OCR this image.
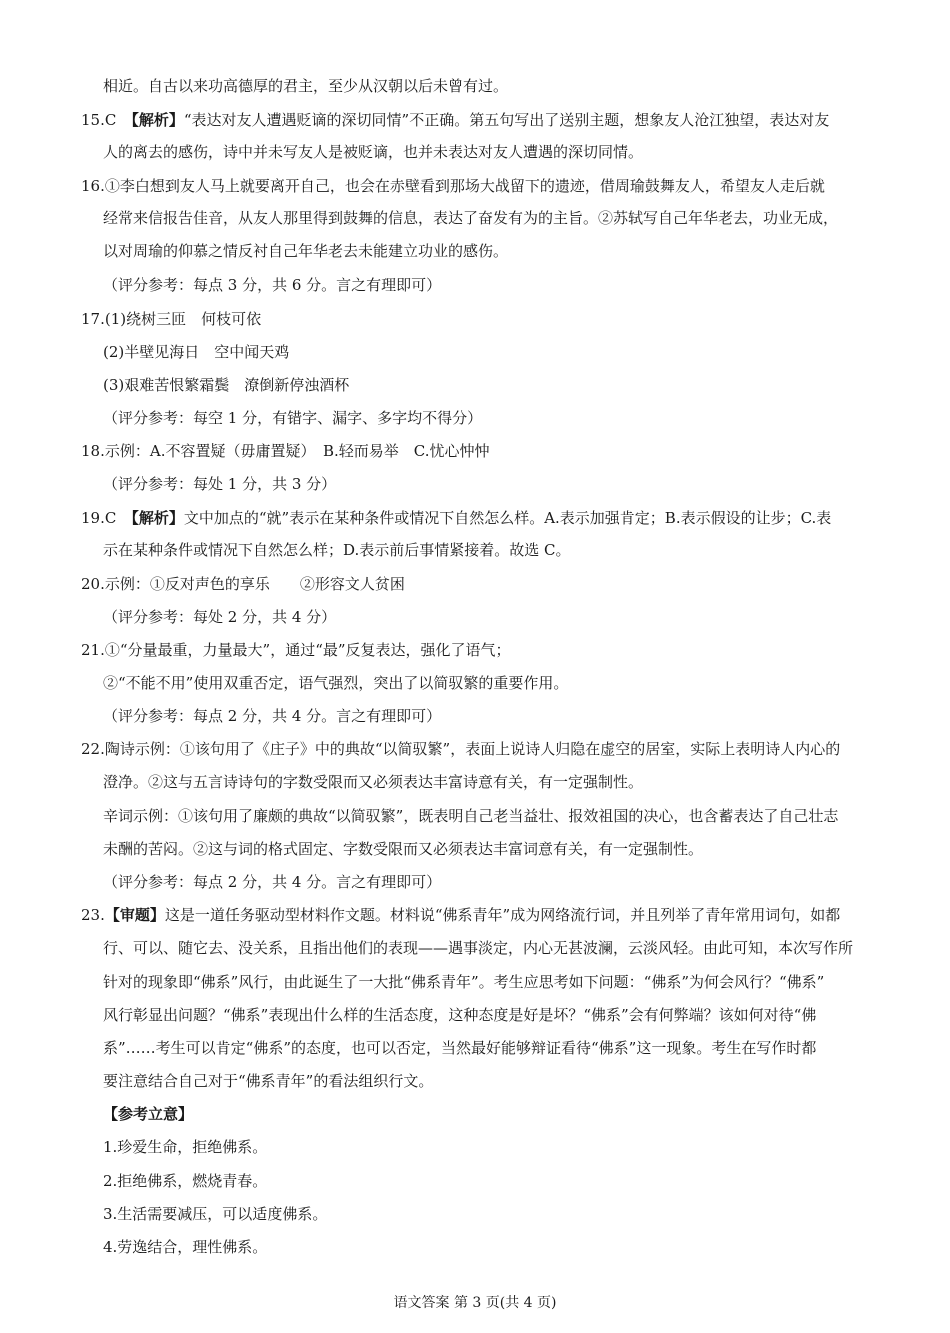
相近。自古以来功高德厚的君主，至少从汉朝以后未曾有过。
15.C　【解析】“表达对友人遭遇贬谪的深切同情”不正确。第五句写出了送别主题，想象友人沧江独望，表达对友
人的离去的感伤，诗中并未写友人是被贬谪，也并未表达对友人遭遇的深切同情。
16.①李白想到友人马上就要离开自己，也会在赤壁看到那场大战留下的遗迹，借周瑜鼓舞友人，希望友人走后就
经常来信报告佳音，从友人那里得到鼓舞的信息，表达了奋发有为的主旨。②苏轼写自己年华老去，功业无成，
以对周瑜的仰慕之情反衬自己年华老去未能建立功业的感伤。
（评分参考：每点 3 分，共 6 分。言之有理即可）
17.(1)绕树三匝　何枝可依
(2)半壁见海日　空中闻天鸡
(3)艰难苦恨繁霜鬓　潦倒新停浊酒杯
（评分参考：每空 1 分，有错字、漏字、多字均不得分）
18.示例：A.不容置疑（毋庸置疑）　B.轻而易举　C.忧心忡忡
（评分参考：每处 1 分，共 3 分）
19.C　【解析】文中加点的“就”表示在某种条件或情况下自然怎么样。A.表示加强肯定；B.表示假设的让步；C.表
示在某种条件或情况下自然怎么样；D.表示前后事情紧接着。故选 C。
20.示例：①反对声色的享乐　　②形容文人贫困
（评分参考：每处 2 分，共 4 分）
21.①“分量最重，力量最大”，通过“最”反复表达，强化了语气；
②“不能不用”使用双重否定，语气强烈，突出了以简驭繁的重要作用。
（评分参考：每点 2 分，共 4 分。言之有理即可）
22.陶诗示例：①该句用了《庄子》中的典故“以简驭繁”，表面上说诗人归隐在虚空的居室，实际上表明诗人内心的
澄净。②这与五言诗诗句的字数受限而又必须表达丰富诗意有关，有一定强制性。
辛词示例：①该句用了廉颇的典故“以简驭繁”，既表明自己老当益壮、报效祖国的决心，也含蓄表达了自己壮志
未酬的苦闷。②这与词的格式固定、字数受限而又必须表达丰富词意有关，有一定强制性。
（评分参考：每点 2 分，共 4 分。言之有理即可）
23.【审题】这是一道任务驱动型材料作文题。材料说“佛系青年”成为网络流行词，并且列举了青年常用词句，如都
行、可以、随它去、没关系，且指出他们的表现——遇事淡定，内心无甚波澜，云淡风轻。由此可知，本次写作所
针对的现象即“佛系”风行，由此诞生了一大批“佛系青年”。考生应思考如下问题：“佛系”为何会风行？“佛系”
风行彰显出问题？“佛系”表现出什么样的生活态度，这种态度是好是坏？“佛系”会有何弊端？该如何对待“佛
系”……考生可以肯定“佛系”的态度，也可以否定，当然最好能够辩证看待“佛系”这一现象。考生在写作时都
要注意结合自己对于“佛系青年”的看法组织行文。
【参考立意】
1.珍爱生命，拒绝佛系。
2.拒绝佛系，燃烧青春。
3.生活需要减压，可以适度佛系。
4.劳逸结合，理性佛系。
语文答案 第 3 页(共 4 页)
